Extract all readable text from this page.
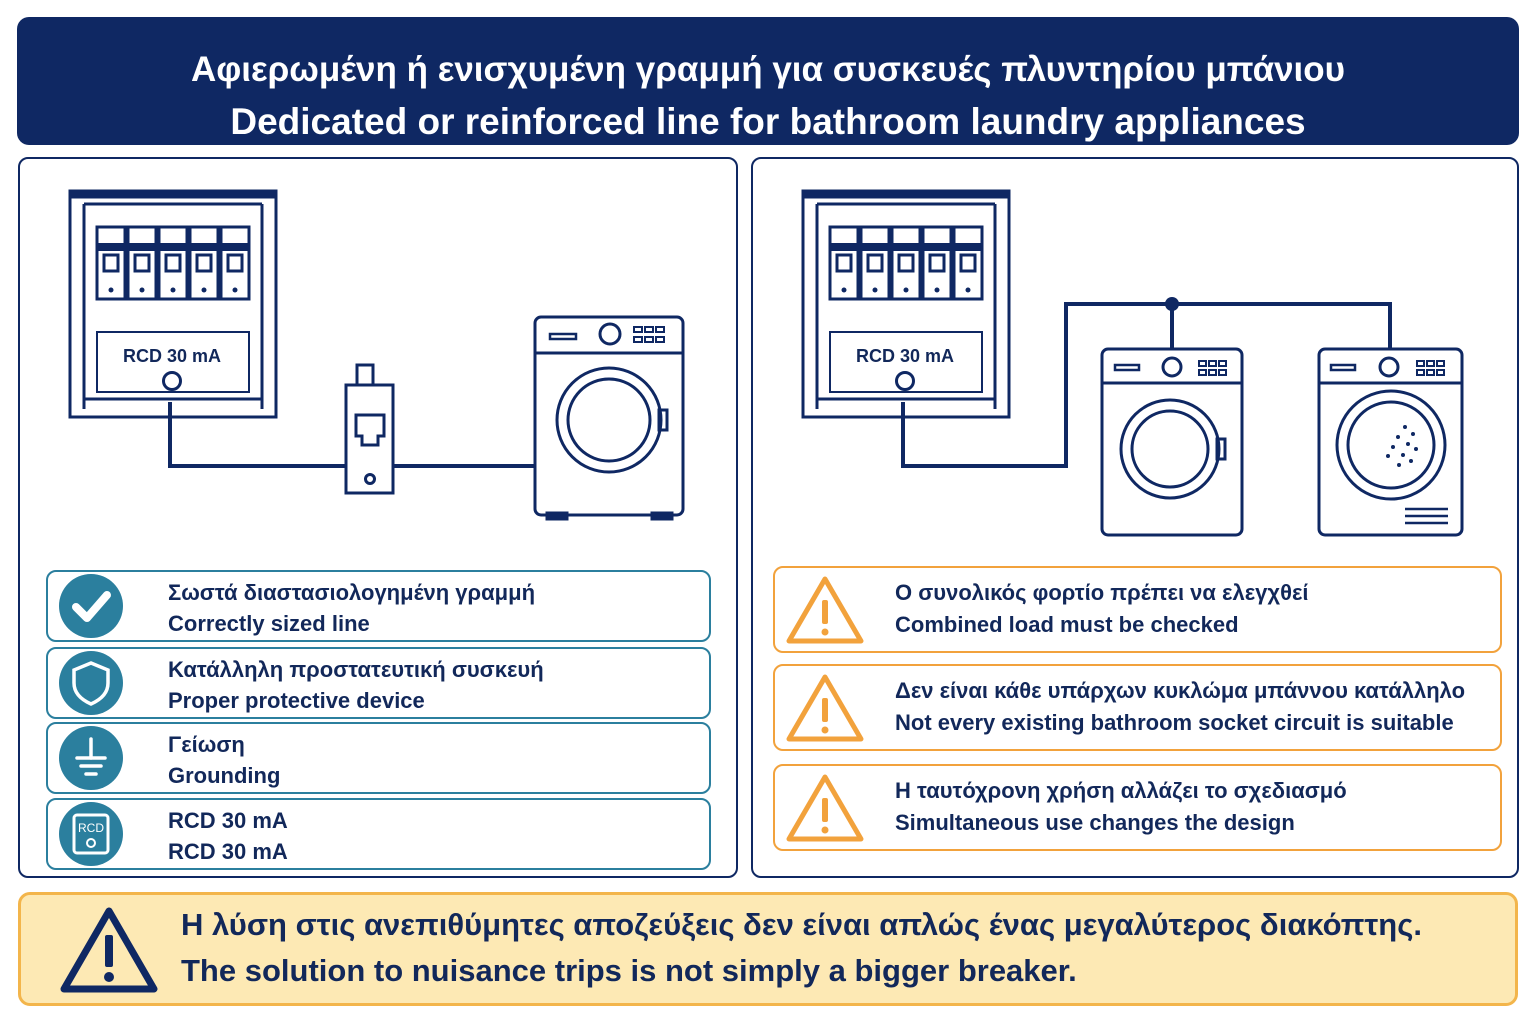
Αφιερωμένη ή ενισχυμένη γραμμή για συσκευές πλυντηρίου μπάνιου
Dedicated or reinforced line for bathroom laundry appliances
RCD 30 mA
Σωστά διαστασιολογημένη γραμμή
Correctly sized line
Κατάλληλη προστατευτική συσκευή
Proper protective device
Γείωση
Grounding
RCD	RCD 30 mA
RCD 30 mA
RCD 30 mA
Ο συνολικός φορτίο πρέπει να ελεγχθεί
Combined load must be checked
Δεν είναι κάθε υπάρχων κυκλώμα μπάννου κατάλληλο
Not every existing bathroom socket circuit is suitable
Η ταυτόχρονη χρήση αλλάζει το σχεδιασμό
Simultaneous use changes the design
Η λύση στις ανεπιθύμητες αποζεύξεις δεν είναι απλώς ένας μεγαλύτερος διακόπτης.
The solution to nuisance trips is not simply a bigger breaker.
